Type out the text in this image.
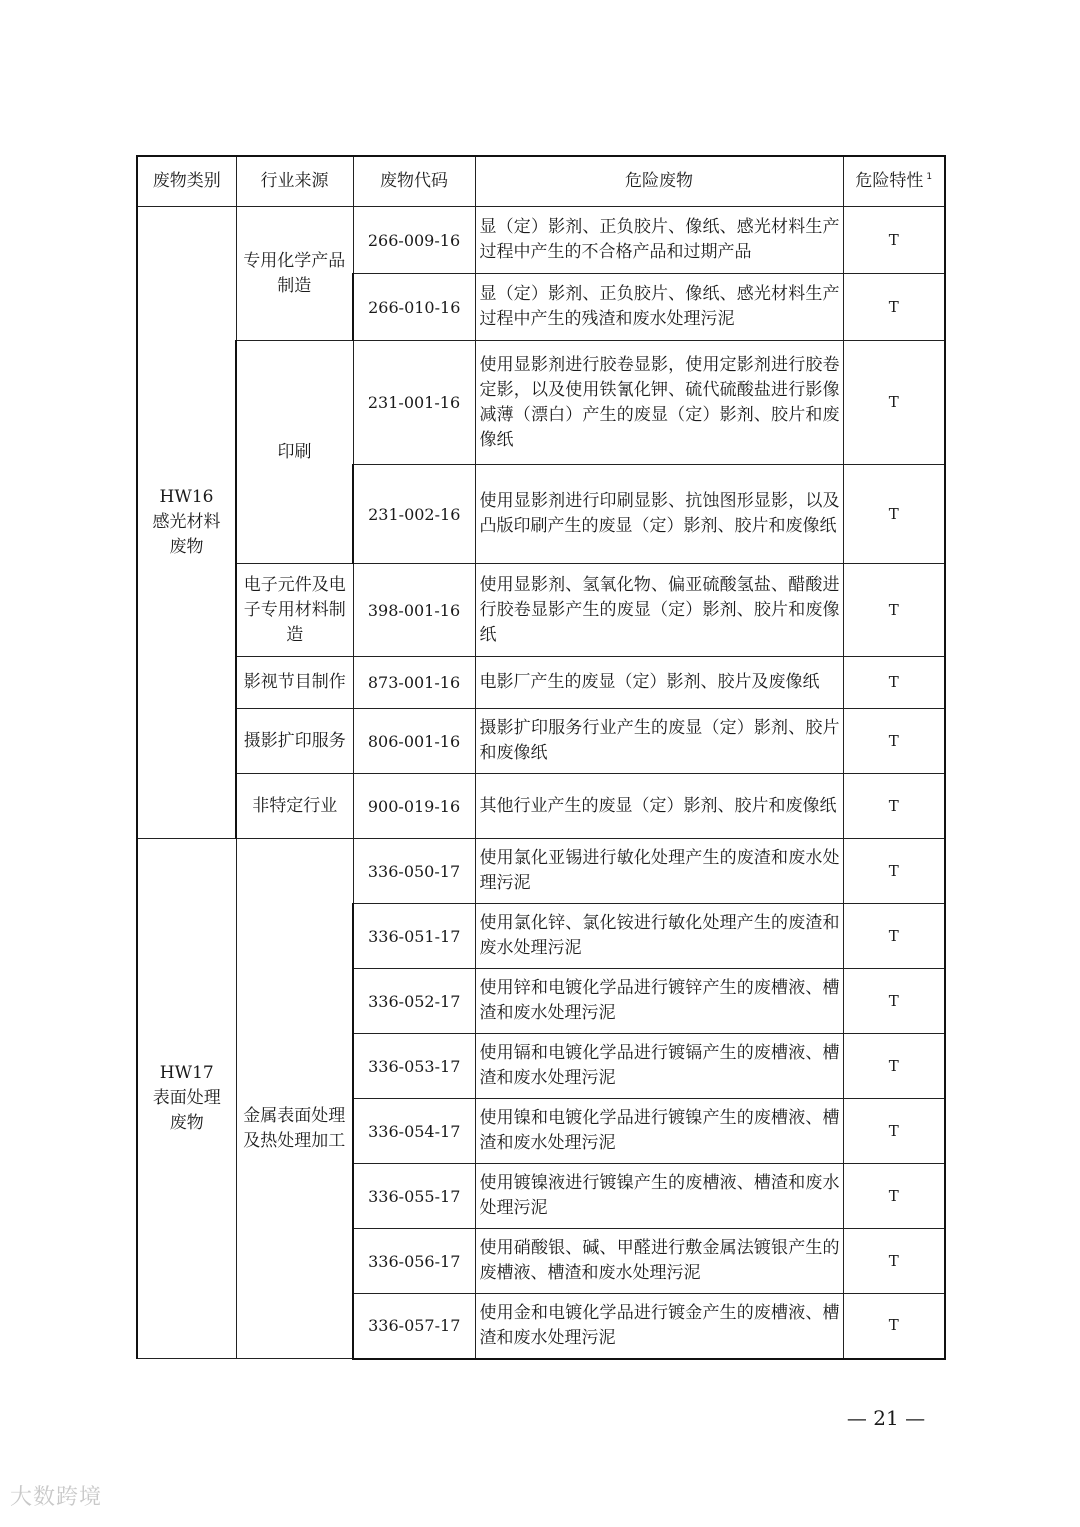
废物类别	行业来源	废物代码	危险废物	危险特性 $^1$

HW16
感光材料
废物	专用化学产品制造	266-009-16	显（定）影剂、正负胶片、像纸、感光材料生产过程中产生的不合格产品和过期产品	T
		266-010-16	显（定）影剂、正负胶片、像纸、感光材料生产过程中产生的残渣和废水处理污泥	T
	印刷	231-001-16	使用显影剂进行胶卷显影，使用定影剂进行胶卷定影，以及使用铁氰化钾、硫代硫酸盐进行影像减薄（漂白）产生的废显（定）影剂、胶片和废像纸	T
		231-002-16	使用显影剂进行印刷显影、抗蚀图形显影，以及凸版印刷产生的废显（定）影剂、胶片和废像纸	T
	电子元件及电子专用材料制造	398-001-16	使用显影剂、氢氧化物、偏亚硫酸氢盐、醋酸进行胶卷显影产生的废显（定）影剂、胶片和废像纸	T
	影视节目制作	873-001-16	电影厂产生的废显（定）影剂、胶片及废像纸	T
	摄影扩印服务	806-001-16	摄影扩印服务行业产生的废显（定）影剂、胶片和废像纸	T
	非特定行业	900-019-16	其他行业产生的废显（定）影剂、胶片和废像纸	T

HW17
表面处理
废物	金属表面处理及热处理加工	336-050-17	使用氯化亚锡进行敏化处理产生的废渣和废水处理污泥	T
		336-051-17	使用氯化锌、氯化铵进行敏化处理产生的废渣和废水处理污泥	T
		336-052-17	使用锌和电镀化学品进行镀锌产生的废槽液、槽渣和废水处理污泥	T
		336-053-17	使用镉和电镀化学品进行镀镉产生的废槽液、槽渣和废水处理污泥	T
		336-054-17	使用镍和电镀化学品进行镀镍产生的废槽液、槽渣和废水处理污泥	T
		336-055-17	使用镀镍液进行镀镍产生的废槽液、槽渣和废水处理污泥	T
		336-056-17	使用硝酸银、碱、甲醛进行敷金属法镀银产生的废槽液、槽渣和废水处理污泥	T
		336-057-17	使用金和电镀化学品进行镀金产生的废槽液、槽渣和废水处理污泥	T
— 21 —
大数跨境
